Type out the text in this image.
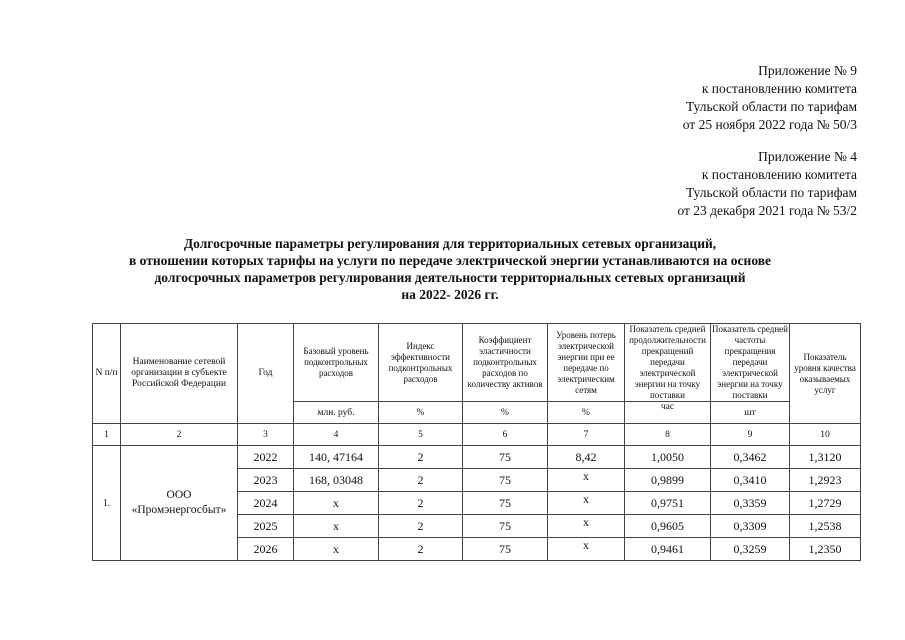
Приложение № 9
к постановлению комитета
Тульской области по тарифам
от 25 ноября 2022 года № 50/3
Приложение № 4
к постановлению комитета
Тульской области по тарифам
от 23 декабря 2021 года № 53/2
Долгосрочные параметры регулирования для территориальных сетевых организаций,
в отношении которых тарифы на услуги по передаче электрической энергии устанавливаются на основе
долгосрочных параметров регулирования деятельности территориальных сетевых организаций
на 2022- 2026 гг.
N п/п	Наименование сетевой организации в субъекте Российской Федерации	Год	Базовый уровень подконтрольных расходов	Индекс эффективности подконтрольных расходов	Коэффициент эластичности подконтрольных расходов по количеству активов	Уровень потерь электрической энергии при ее передаче по электрическим сетям	Показатель средней продолжительности прекращений передачи электрической энергии на точку поставки	Показатель средней частоты прекращения передачи электрической энергии на точку поставки	Показатель уровня качества оказываемых услуг
			млн. руб.	%	%	%	час	шт	
1	2	3	4	5	6	7	8	9	10
1.	ООО «Промэнергосбыт»	2022	140, 47164	2	75	8,42	1,0050	0,3462	1,3120
		2023	168, 03048	2	75	x	0,9899	0,3410	1,2923
		2024	x	2	75	x	0,9751	0,3359	1,2729
		2025	x	2	75	x	0,9605	0,3309	1,2538
		2026	x	2	75	x	0,9461	0,3259	1,2350
